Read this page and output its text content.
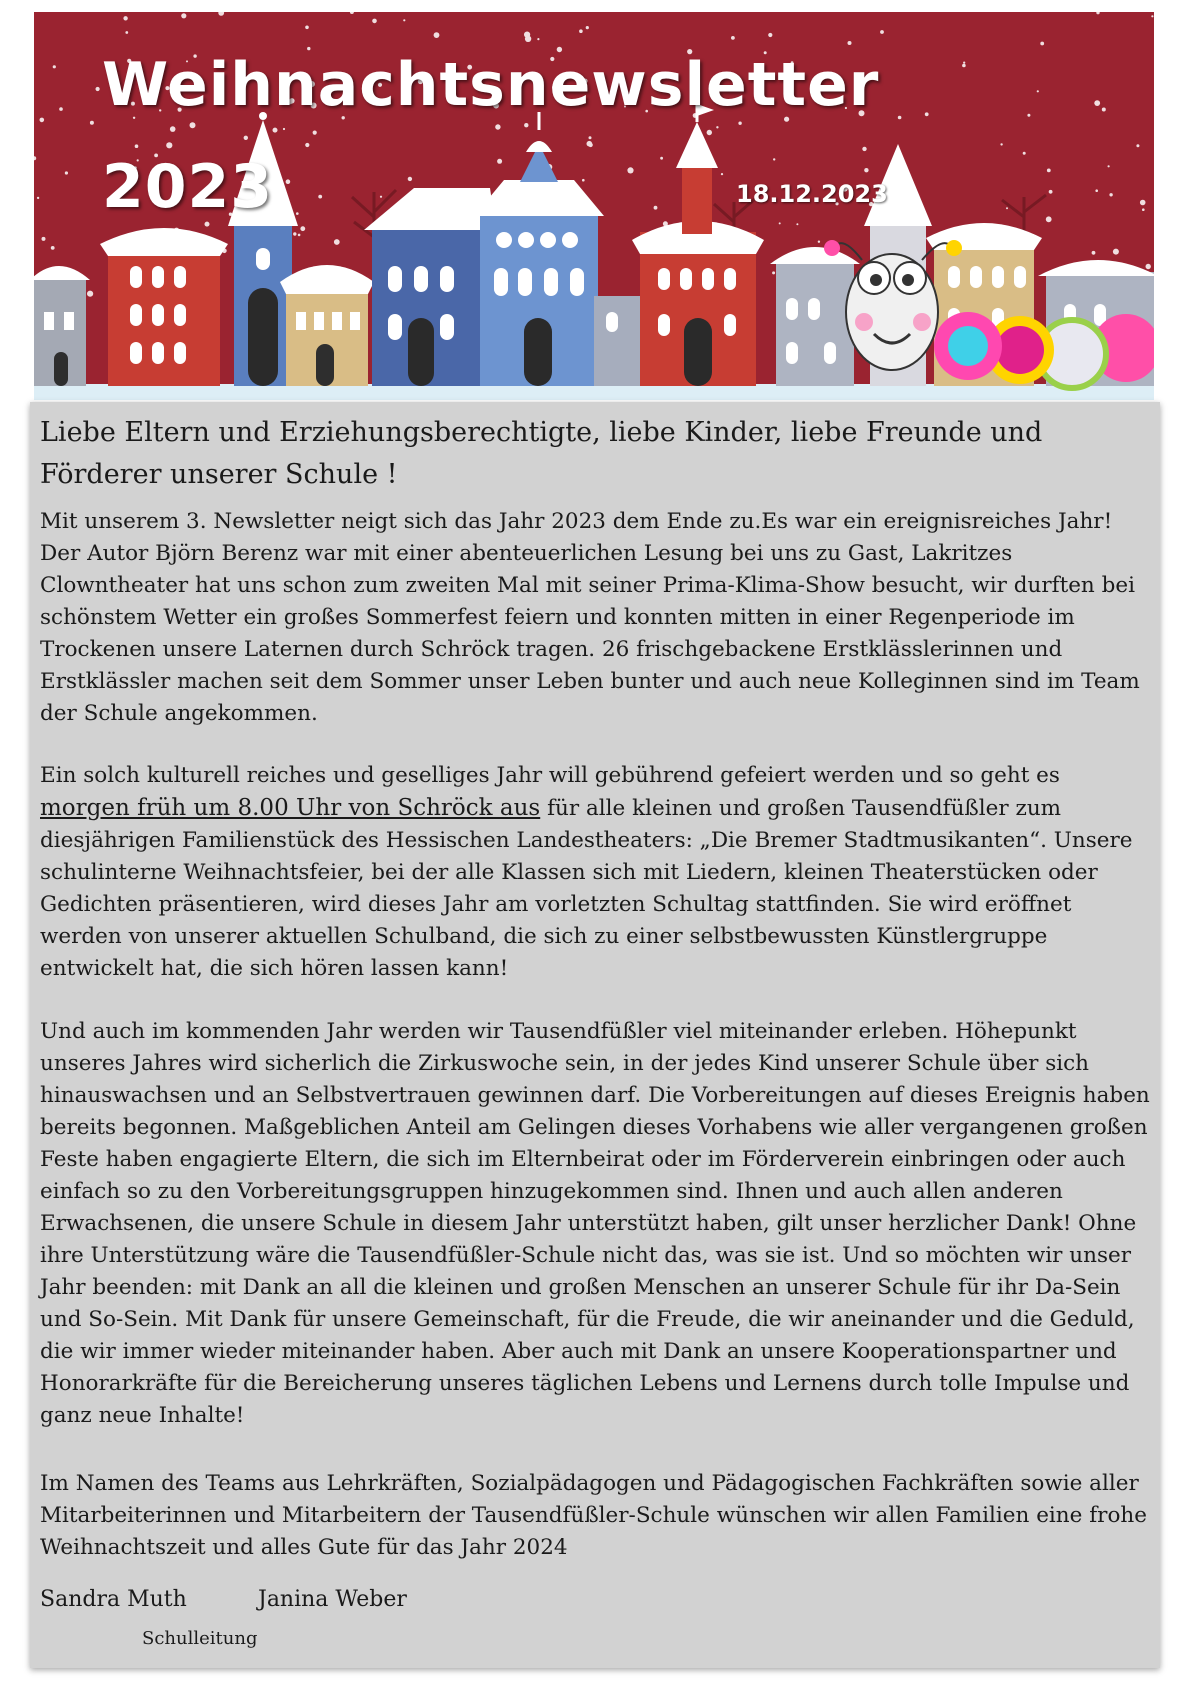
Weihnachtsnewsletter
2023	18.12.2023
Liebe Eltern und Erziehungsberechtigte, liebe Kinder, liebe Freunde und Förderer unserer Schule !

Mit unserem 3. Newsletter neigt sich das Jahr 2023 dem Ende zu.Es war ein ereignisreiches Jahr! Der Autor Björn Berenz war mit einer abenteuerlichen Lesung bei uns zu Gast, Lakritzes Clowntheater hat uns schon zum zweiten Mal mit seiner Prima-Klima-Show besucht, wir durften bei schönstem Wetter ein großes Sommerfest feiern und konnten mitten in einer Regenperiode im Trockenen unsere Laternen durch Schröck tragen. 26 frischgebackene Erstklässlerinnen und Erstklässler machen seit dem Sommer unser Leben bunter und auch neue Kolleginnen sind im Team der Schule angekommen.

Ein solch kulturell reiches und geselliges Jahr will gebührend gefeiert werden und so geht es morgen früh um 8.00 Uhr von Schröck aus für alle kleinen und großen Tausendfüßler zum diesjährigen Familienstück des Hessischen Landestheaters: „Die Bremer Stadtmusikanten“. Unsere schulinterne Weihnachtsfeier, bei der alle Klassen sich mit Liedern, kleinen Theaterstücken oder Gedichten präsentieren, wird dieses Jahr am vorletzten Schultag stattfinden. Sie wird eröffnet werden von unserer aktuellen Schulband, die sich zu einer selbstbewussten Künstlergruppe entwickelt hat, die sich hören lassen kann!

Und auch im kommenden Jahr werden wir Tausendfüßler viel miteinander erleben. Höhepunkt unseres Jahres wird sicherlich die Zirkuswoche sein, in der jedes Kind unserer Schule über sich hinauswachsen und an Selbstvertrauen gewinnen darf. Die Vorbereitungen auf dieses Ereignis haben bereits begonnen. Maßgeblichen Anteil am Gelingen dieses Vorhabens wie aller vergangenen großen Feste haben engagierte Eltern, die sich im Elternbeirat oder im Förderverein einbringen oder auch einfach so zu den Vorbereitungsgruppen hinzugekommen sind. Ihnen und auch allen anderen Erwachsenen, die unsere Schule in diesem Jahr unterstützt haben, gilt unser herzlicher Dank! Ohne ihre Unterstützung wäre die Tausendfüßler-Schule nicht das, was sie ist. Und so möchten wir unser Jahr beenden: mit Dank an all die kleinen und großen Menschen an unserer Schule für ihr Da-Sein und So-Sein. Mit Dank für unsere Gemeinschaft, für die Freude, die wir aneinander und die Geduld, die wir immer wieder miteinander haben. Aber auch mit Dank an unsere Kooperationspartner und Honorarkräfte für die Bereicherung unseres täglichen Lebens und Lernens durch tolle Impulse und ganz neue Inhalte!

Im Namen des Teams aus Lehrkräften, Sozialpädagogen und Pädagogischen Fachkräften sowie aller Mitarbeiterinnen und Mitarbeitern der Tausendfüßler-Schule wünschen wir allen Familien eine frohe Weihnachtszeit und alles Gute für das Jahr 2024

Sandra Muth	Janina Weber
Schulleitung
